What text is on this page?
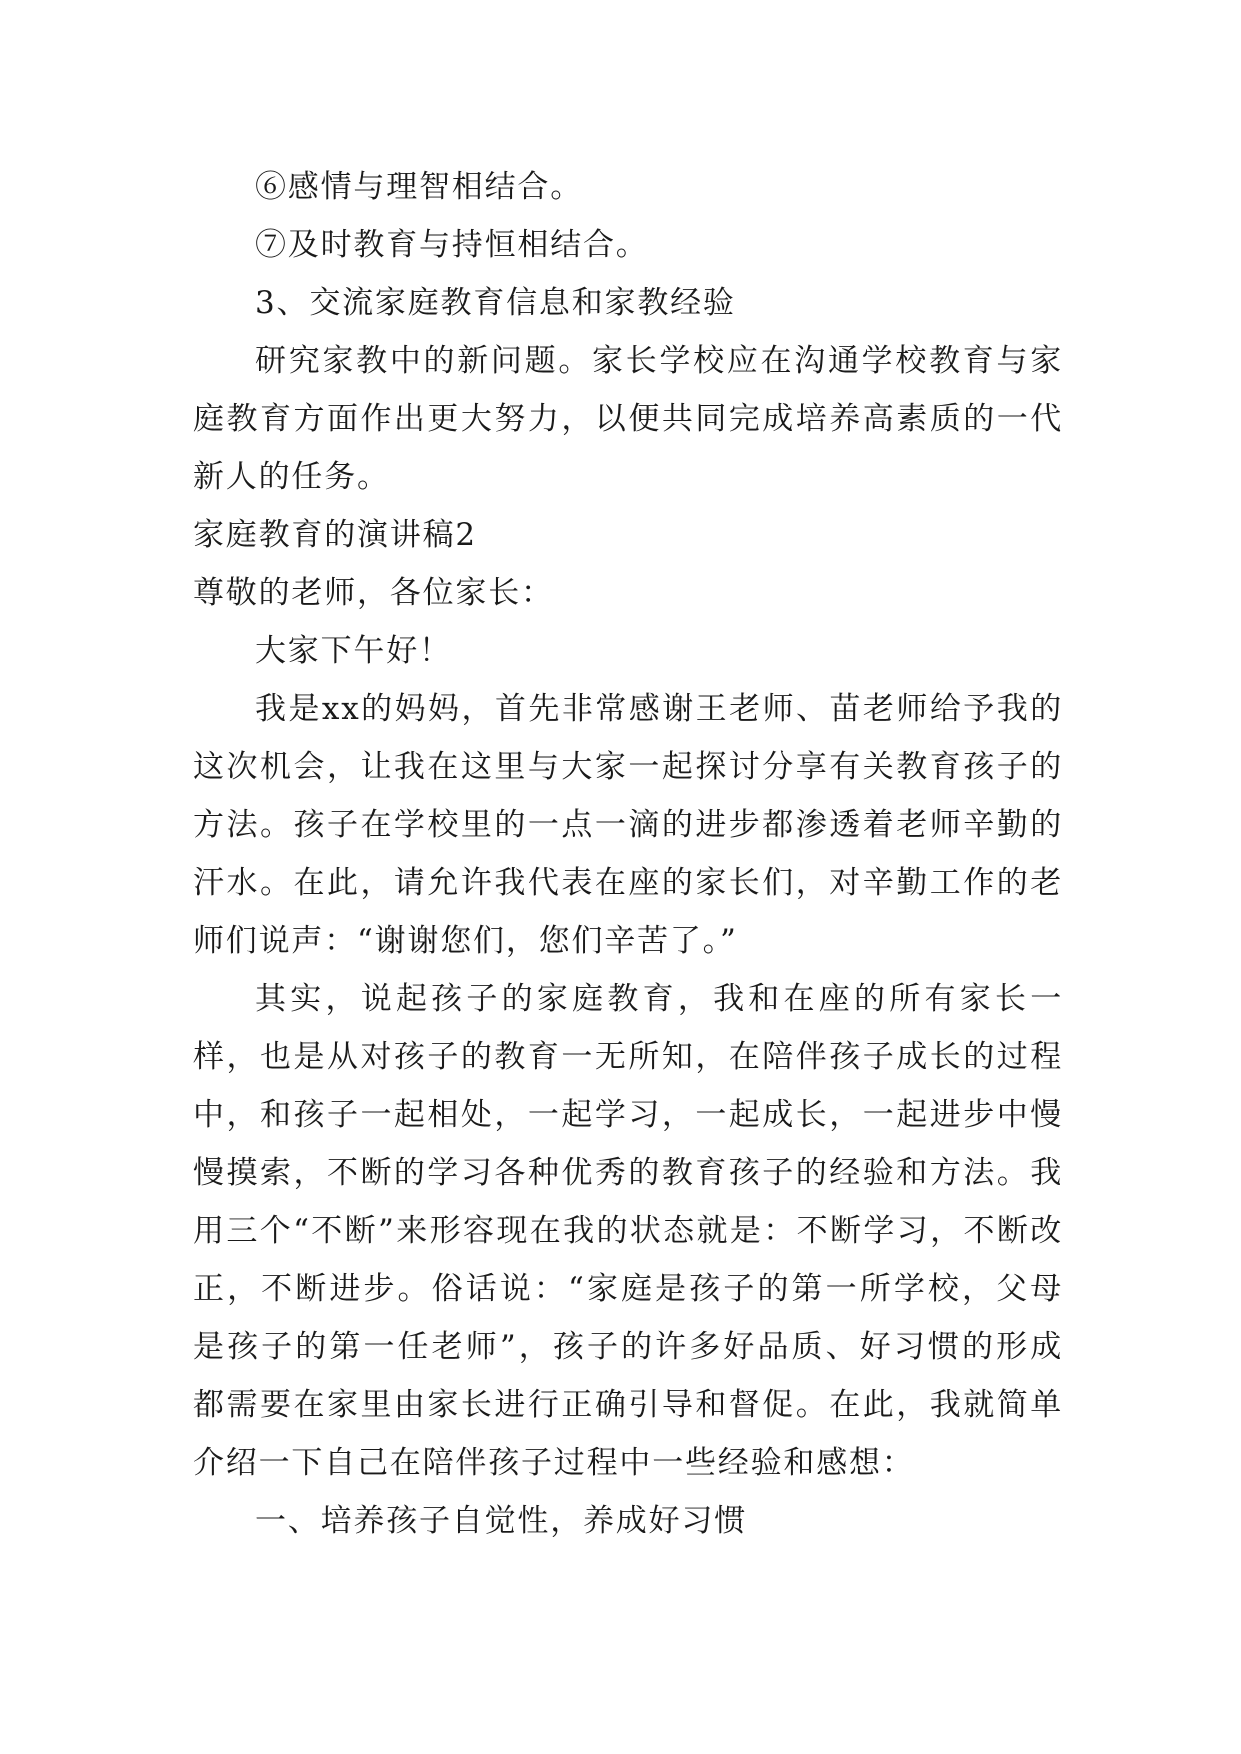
⑥感情与理智相结合。

⑦及时教育与持恒相结合。

3、交流家庭教育信息和家教经验

研究家教中的新问题。家长学校应在沟通学校教育与家庭教育方面作出更大努力，以便共同完成培养高素质的一代新人的任务。

家庭教育的演讲稿2

尊敬的老师，各位家长：

大家下午好！

我是xx的妈妈，首先非常感谢王老师、苗老师给予我的这次机会，让我在这里与大家一起探讨分享有关教育孩子的方法。孩子在学校里的一点一滴的进步都渗透着老师辛勤的汗水。在此，请允许我代表在座的家长们，对辛勤工作的老师们说声：“谢谢您们，您们辛苦了。”

其实，说起孩子的家庭教育，我和在座的所有家长一样，也是从对孩子的教育一无所知，在陪伴孩子成长的过程中，和孩子一起相处，一起学习，一起成长，一起进步中慢慢摸索，不断的学习各种优秀的教育孩子的经验和方法。我用三个“不断”来形容现在我的状态就是：不断学习，不断改正，不断进步。俗话说：“家庭是孩子的第一所学校，父母是孩子的第一任老师”，孩子的许多好品质、好习惯的形成都需要在家里由家长进行正确引导和督促。在此，我就简单介绍一下自己在陪伴孩子过程中一些经验和感想：

一、培养孩子自觉性，养成好习惯
